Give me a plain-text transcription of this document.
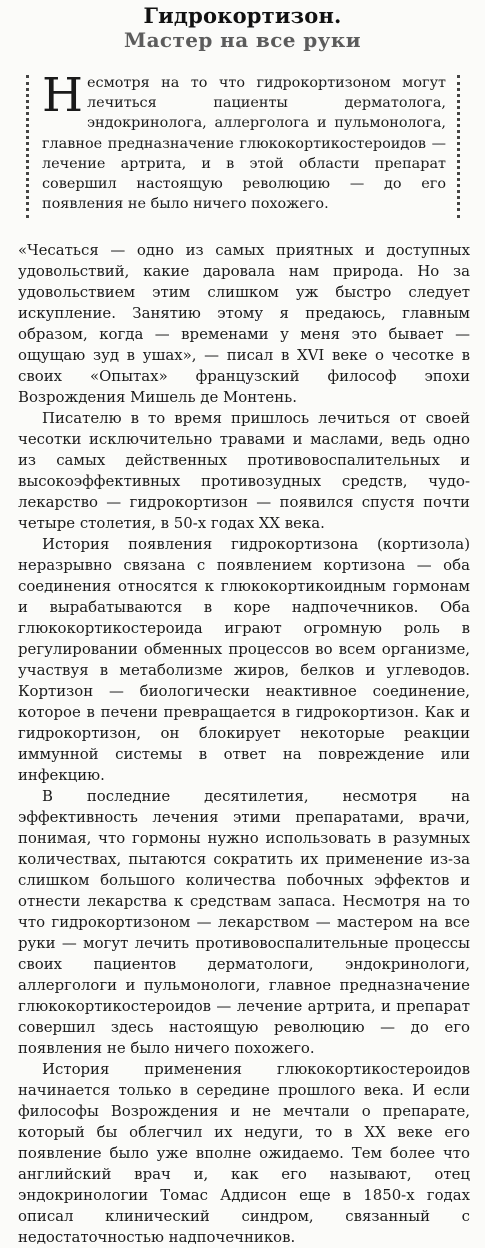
Гидрокортизон.
Мастер на все руки
Несмотря на то что гидрокортизоном могут лечиться пациенты дерматолога, эндокринолога, аллерголога и пульмонолога, главное предназначение глюкокортикостероидов — лечение артрита, и в этой области препарат совершил настоящую революцию — до его появления не было ничего похожего.

«Чесаться — одно из самых приятных и доступных удовольствий, какие даровала нам природа. Но за удовольствием этим слишком уж быстро следует искупление. Занятию этому я предаюсь, главным образом, когда — временами у меня это бывает — ощущаю зуд в ушах», — писал в XVI веке о чесотке в своих «Опытах» французский философ эпохи Возрождения Мишель де Монтень.

Писателю в то время пришлось лечиться от своей чесотки исключительно травами и маслами, ведь одно из самых действенных противовоспалительных и высокоэффективных противозудных средств, чудо-лекарство — гидрокортизон — появился спустя почти четыре столетия, в 50-х годах XX века.

История появления гидрокортизона (кортизола) неразрывно связана с появлением кортизона — оба соединения относятся к глюкокортикоидным гормонам и вырабатываются в коре надпочечников. Оба глюкокортикостероида играют огромную роль в регулировании обменных процессов во всем организме, участвуя в метаболизме жиров, белков и углеводов. Кортизон — биологически неактивное соединение, которое в печени превращается в гидрокортизон. Как и гидрокортизон, он блокирует некоторые реакции иммунной системы в ответ на повреждение или инфекцию.

В последние десятилетия, несмотря на эффективность лечения этими препаратами, врачи, понимая, что гормоны нужно использовать в разумных количествах, пытаются сократить их применение из-за слишком большого количества побочных эффектов и отнести лекарства к средствам запаса. Несмотря на то что гидрокортизоном — лекарством — мастером на все руки — могут лечить противовоспалительные процессы своих пациентов дерматологи, эндокринологи, аллергологи и пульмонологи, главное предназначение глюкокортикостероидов — лечение артрита, и препарат совершил здесь настоящую революцию — до его появления не было ничего похожего.

История применения глюкокортикостероидов начинается только в середине прошлого века. И если философы Возрождения и не мечтали о препарате, который бы облегчил их недуги, то в XX веке его появление было уже вполне ожидаемо. Тем более что английский врач и, как его называют, отец эндокринологии Томас Аддисон еще в 1850-х годах описал клинический синдром, связанный с недостаточностью надпочечников.
